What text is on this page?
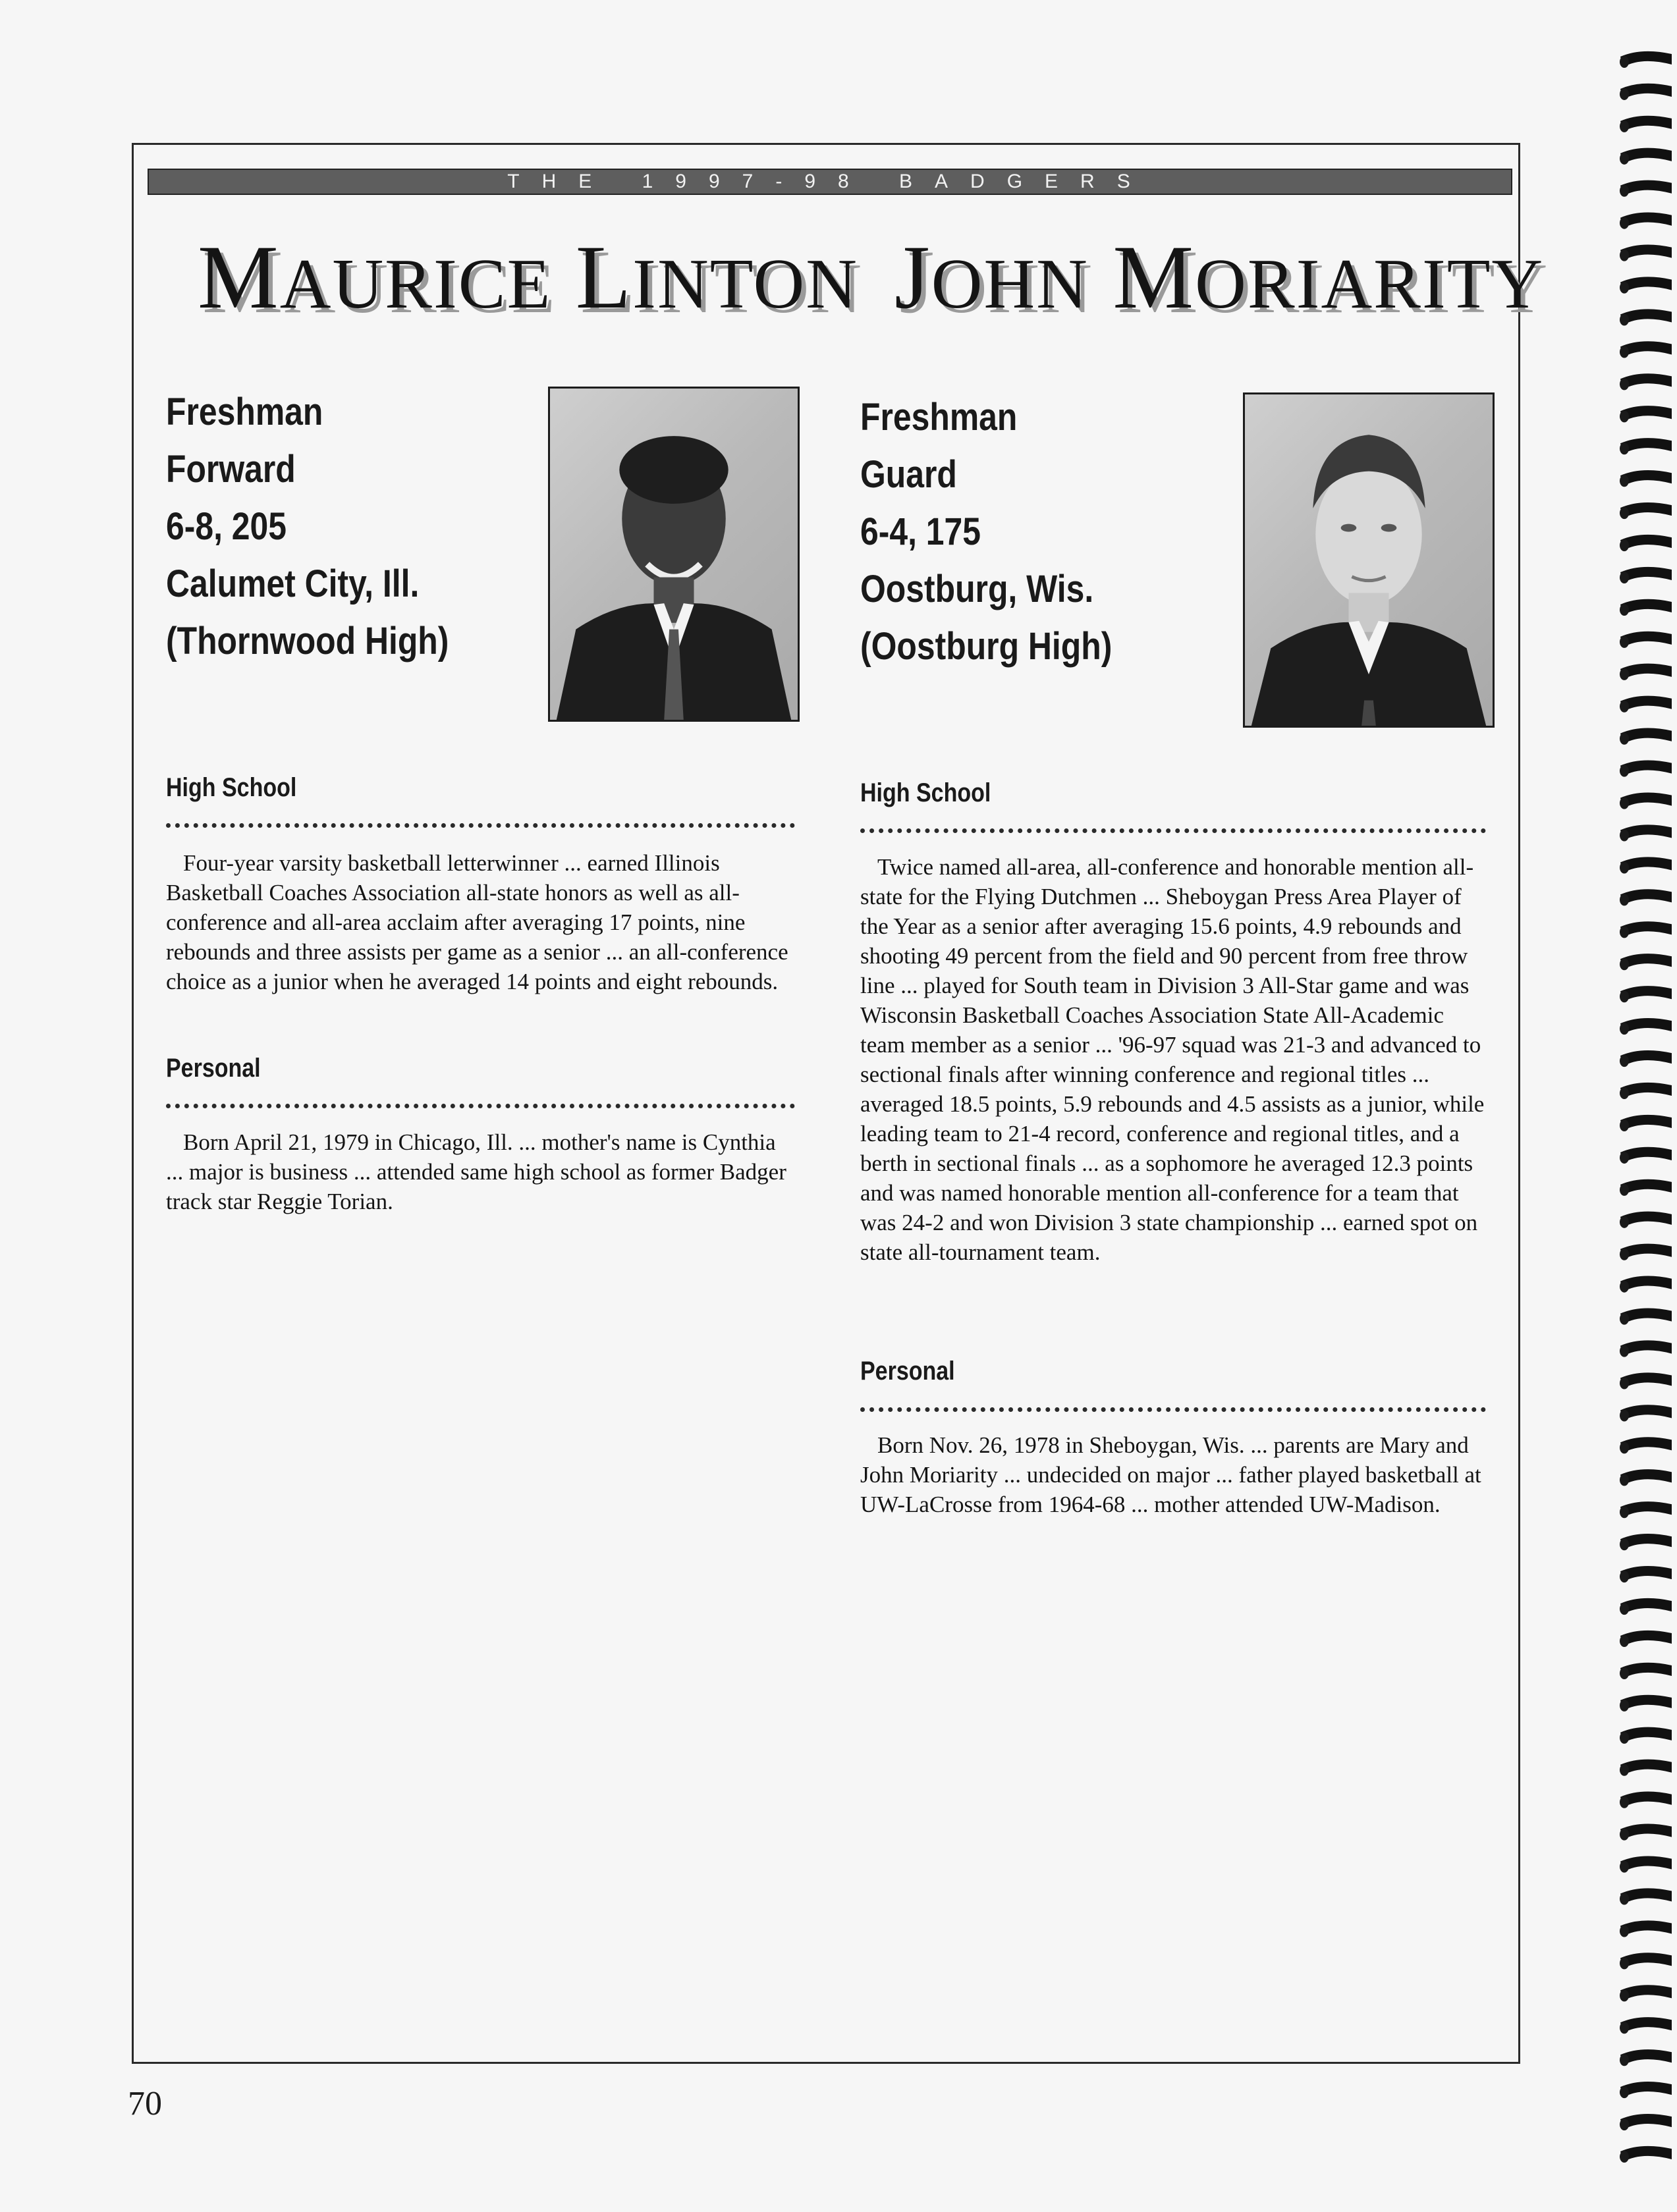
THE 1997-98 BADGERS
MAURICE LINTON
Freshman
Forward
6-8, 205
Calumet City, Ill.
(Thornwood High)
High School

Four-year varsity basketball letterwinner ... earned Illinois Basketball Coaches Association all-state honors as well as all-conference and all-area acclaim after averaging 17 points, nine rebounds and three assists per game as a senior ... an all-conference choice as a junior when he averaged 14 points and eight rebounds.

Personal

Born April 21, 1979 in Chicago, Ill. ... mother's name is Cynthia ... major is business ... attended same high school as former Badger track star Reggie Torian.

JOHN MORIARITY
Freshman
Guard
6-4, 175
Oostburg, Wis.
(Oostburg High)
High School

Twice named all-area, all-conference and honorable mention all-state for the Flying Dutchmen ... Sheboygan Press Area Player of the Year as a senior after averaging 15.6 points, 4.9 rebounds and shooting 49 percent from the field and 90 percent from free throw line ... played for South team in Division 3 All-Star game and was Wisconsin Basketball Coaches Association State All-Academic team member as a senior ... '96-97 squad was 21-3 and advanced to sectional finals after winning conference and regional titles ... averaged 18.5 points, 5.9 rebounds and 4.5 assists as a junior, while leading team to 21-4 record, conference and regional titles, and a berth in sectional finals ... as a sophomore he averaged 12.3 points and was named honorable mention all-conference for a team that was 24-2 and won Division 3 state championship ... earned spot on state all-tournament team.

Personal

Born Nov. 26, 1978 in Sheboygan, Wis. ... parents are Mary and John Moriarity ... undecided on major ... father played basketball at UW-LaCrosse from 1964-68 ... mother attended UW-Madison.

70
